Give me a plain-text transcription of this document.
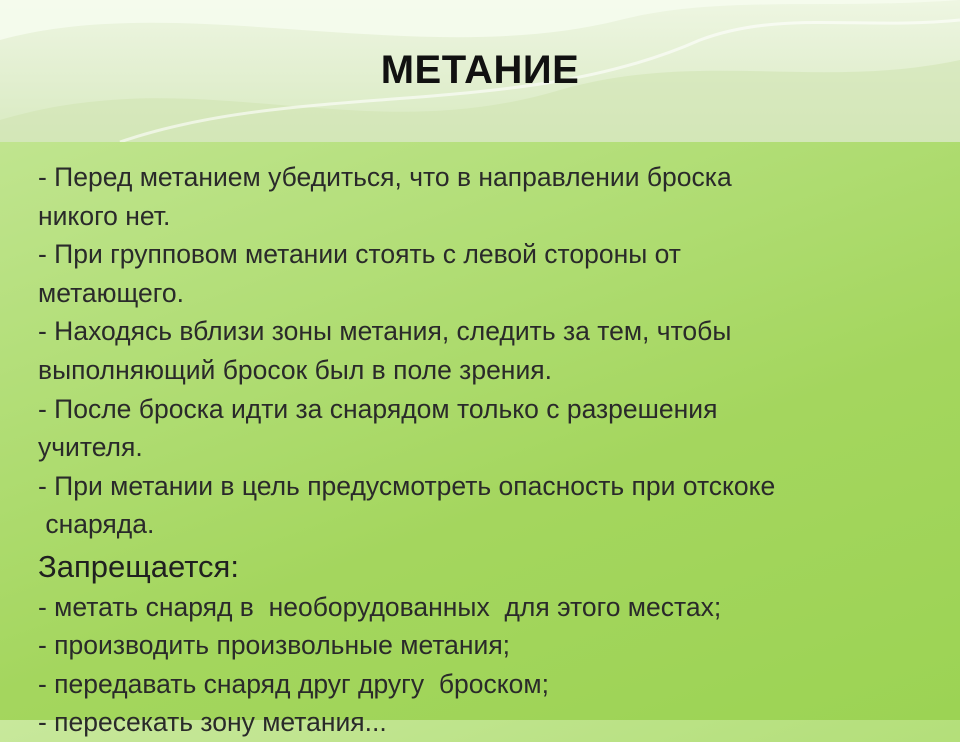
МЕТАНИЕ

- Перед метанием убедиться, что в направлении броска

никого нет.

- При групповом метании стоять с левой стороны от

метающего.

- Находясь вблизи зоны метания, следить за тем, чтобы

выполняющий бросок был в поле зрения.

- После броска идти за снарядом только с разрешения

учителя.

- При метании в цель предусмотреть опасность при отскоке

снаряда.

Запрещается:

- метать снаряд в  необорудованных  для этого местах;

- производить произвольные метания;

- передавать снаряд друг другу  броском;

- пересекать зону метания...
